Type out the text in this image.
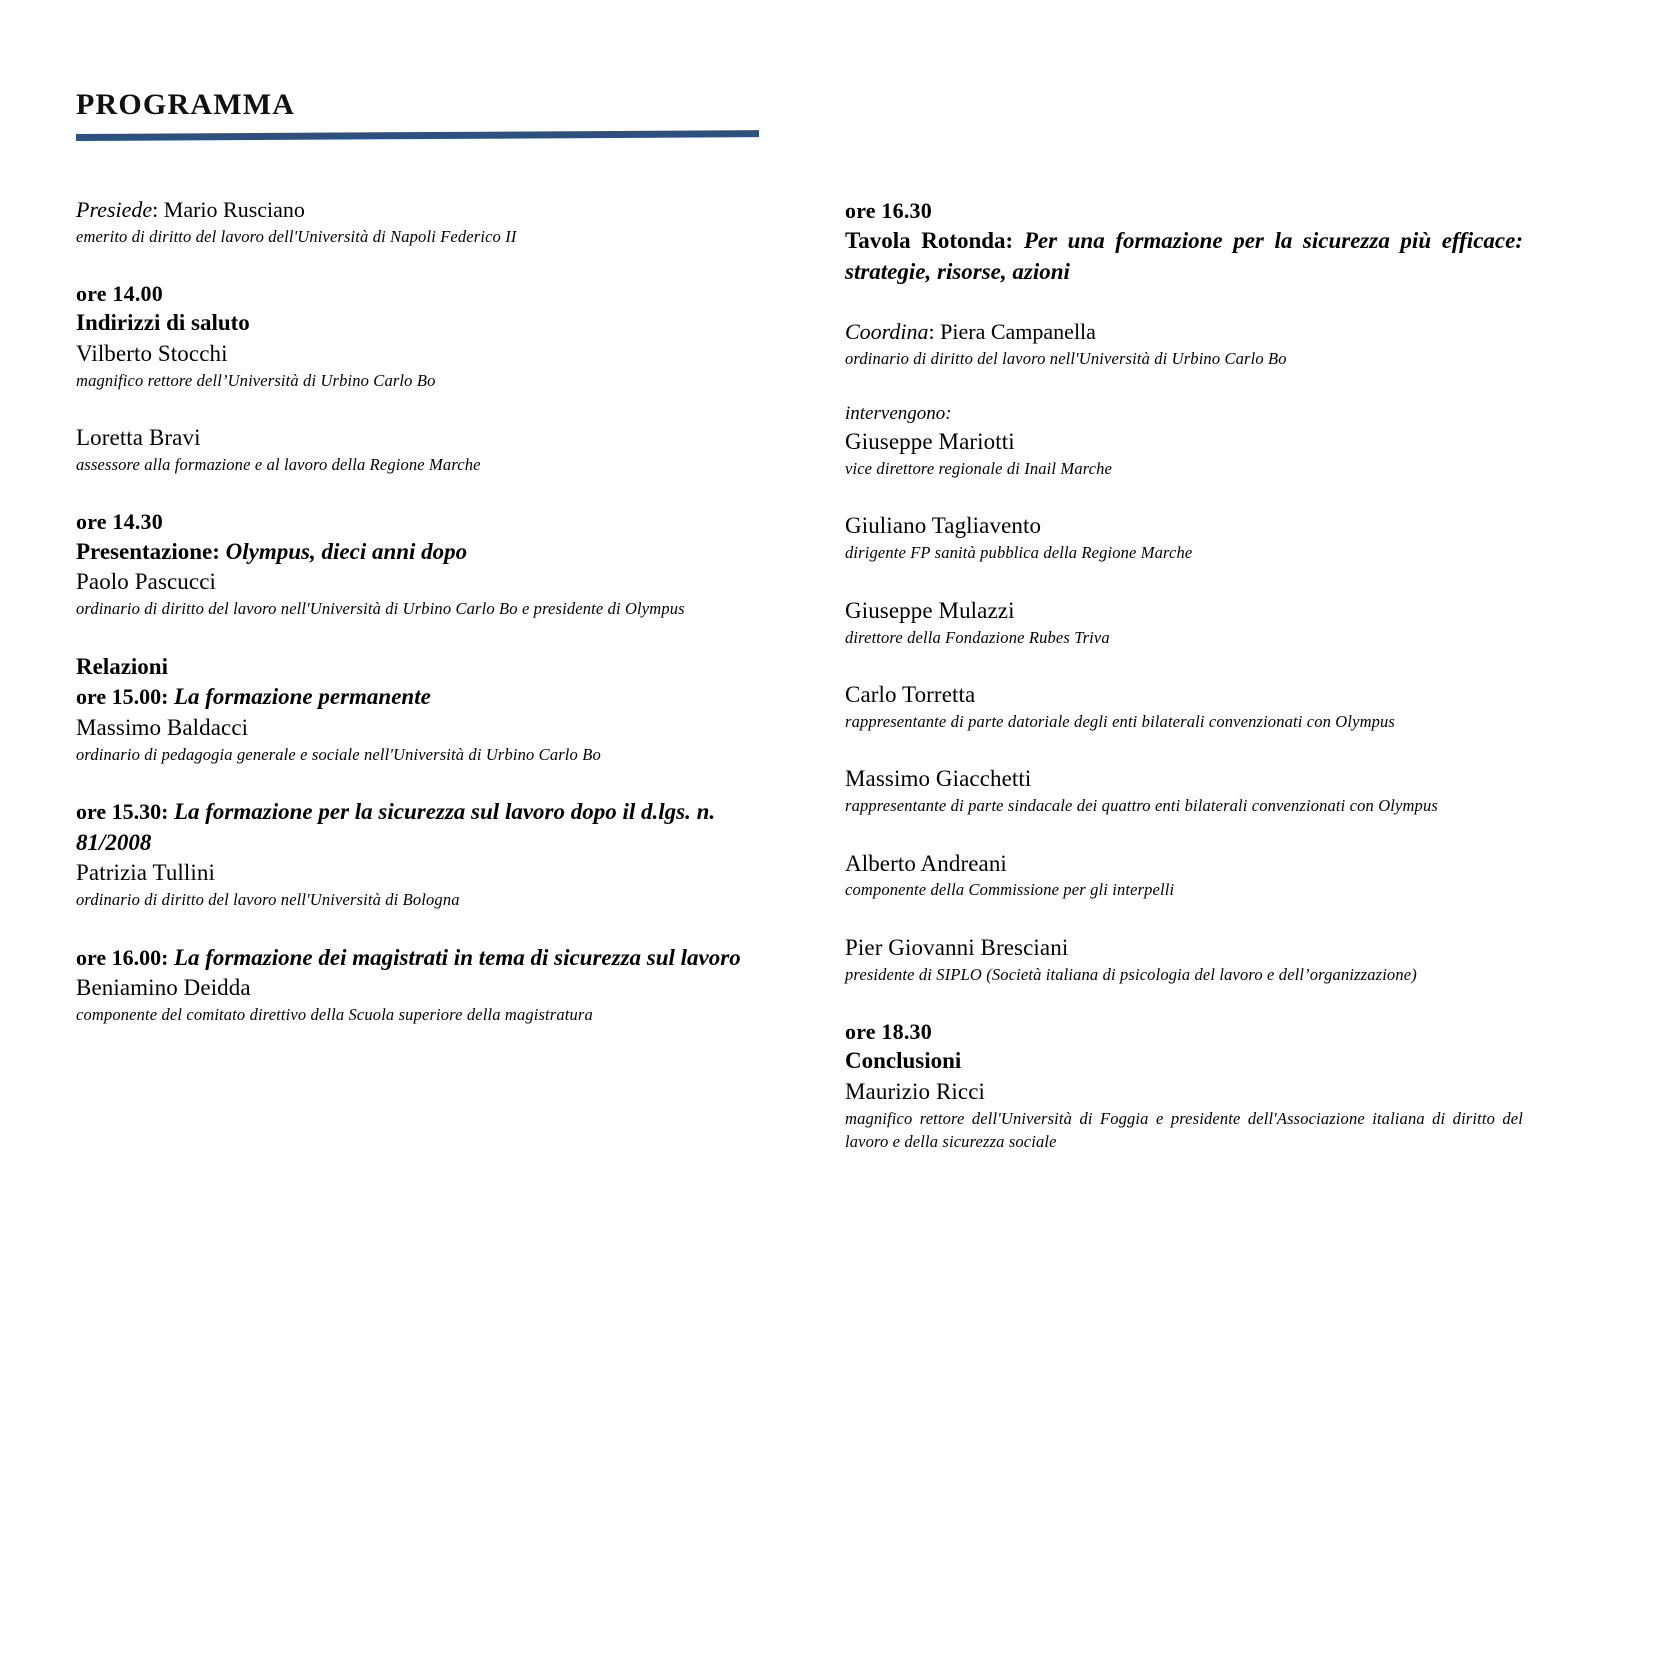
PROGRAMMA
Presiede: Mario Rusciano
emerito di diritto del lavoro dell'Università di Napoli Federico II
ore 14.00
Indirizzi di saluto
Vilberto Stocchi
magnifico rettore dell’Università di Urbino Carlo Bo
Loretta Bravi
assessore alla formazione e al lavoro della Regione Marche
ore 14.30
Presentazione: Olympus, dieci anni dopo
Paolo Pascucci
ordinario di diritto del lavoro nell'Università di Urbino Carlo Bo e presidente di Olympus
Relazioni
ore 15.00: La formazione permanente
Massimo Baldacci
ordinario di pedagogia generale e sociale nell'Università di Urbino Carlo Bo
ore 15.30: La formazione per la sicurezza sul lavoro dopo il d.lgs. n. 81/2008
Patrizia Tullini
ordinario di diritto del lavoro nell'Università di Bologna
ore 16.00: La formazione dei magistrati in tema di sicurezza sul lavoro
Beniamino Deidda
componente del comitato direttivo della Scuola superiore della magistratura
ore 16.30
Tavola Rotonda: Per una formazione per la sicurezza più efficace: strategie, risorse, azioni
Coordina: Piera Campanella
ordinario di diritto del lavoro nell'Università di Urbino Carlo Bo
intervengono:
Giuseppe Mariotti
vice direttore regionale di Inail Marche
Giuliano Tagliavento
dirigente FP sanità pubblica della Regione Marche
Giuseppe Mulazzi
direttore della Fondazione Rubes Triva
Carlo Torretta
rappresentante di parte datoriale degli enti bilaterali convenzionati con Olympus
Massimo Giacchetti
rappresentante di parte sindacale dei quattro enti bilaterali convenzionati con Olympus
Alberto Andreani
componente della Commissione per gli interpelli
Pier Giovanni Bresciani
presidente di SIPLO (Società italiana di psicologia del lavoro e dell’organizzazione)
ore 18.30
Conclusioni
Maurizio Ricci
magnifico rettore dell'Università di Foggia e presidente dell'Associazione italiana di diritto del lavoro e della sicurezza sociale
